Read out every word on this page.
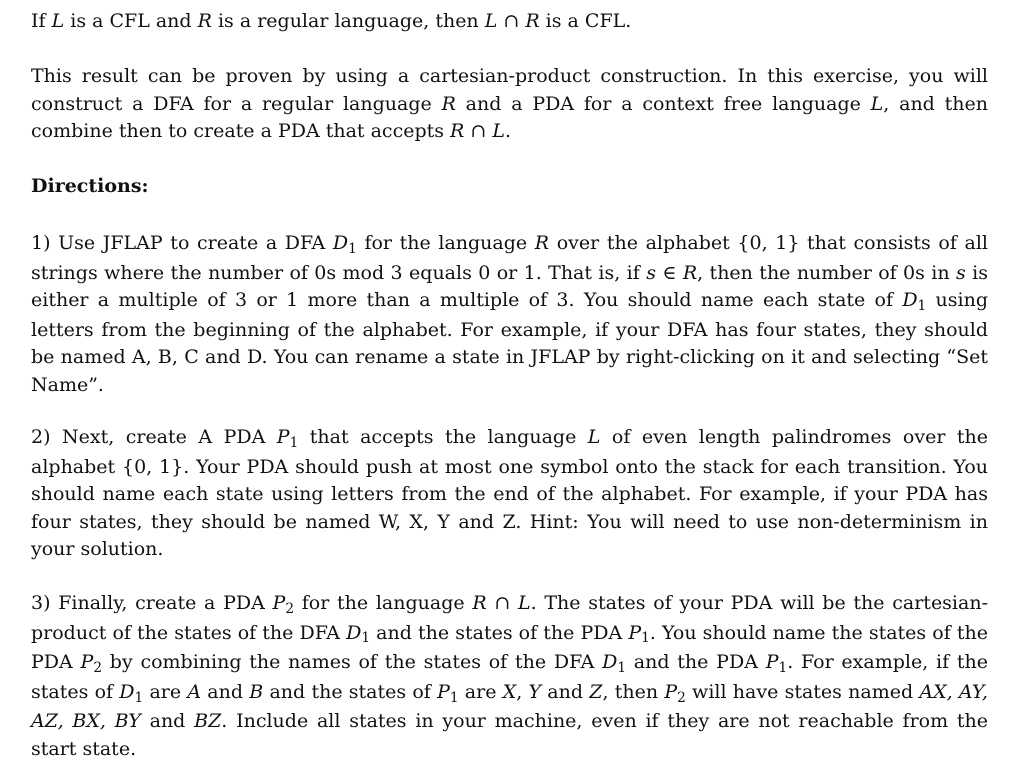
If L is a CFL and R is a regular language, then L ∩ R is a CFL.

This result can be proven by using a cartesian-product construction. In this exercise, you will construct a DFA for a regular language R and a PDA for a context free language L, and then combine then to create a PDA that accepts R ∩ L.

Directions:

1) Use JFLAP to create a DFA $D_1$ for the language R over the alphabet {0, 1} that consists of all strings where the number of 0s mod 3 equals 0 or 1. That is, if s ∈ R, then the number of 0s in s is either a multiple of 3 or 1 more than a multiple of 3. You should name each state of $D_1$ using letters from the beginning of the alphabet. For example, if your DFA has four states, they should be named A, B, C and D. You can rename a state in JFLAP by right-clicking on it and selecting “Set Name”.

2) Next, create A PDA $P_1$ that accepts the language L of even length palindromes over the alphabet {0, 1}. Your PDA should push at most one symbol onto the stack for each transition. You should name each state using letters from the end of the alphabet. For example, if your PDA has four states, they should be named W, X, Y and Z. Hint: You will need to use non-determinism in your solution.

3) Finally, create a PDA $P_2$ for the language R ∩ L. The states of your PDA will be the cartesian-product of the states of the DFA $D_1$ and the states of the PDA $P_1$. You should name the states of the PDA $P_2$ by combining the names of the states of the DFA $D_1$ and the PDA $P_1$. For example, if the states of $D_1$ are A and B and the states of $P_1$ are X, Y and Z, then $P_2$ will have states named AX, AY, AZ, BX, BY and BZ. Include all states in your machine, even if they are not reachable from the start state.
